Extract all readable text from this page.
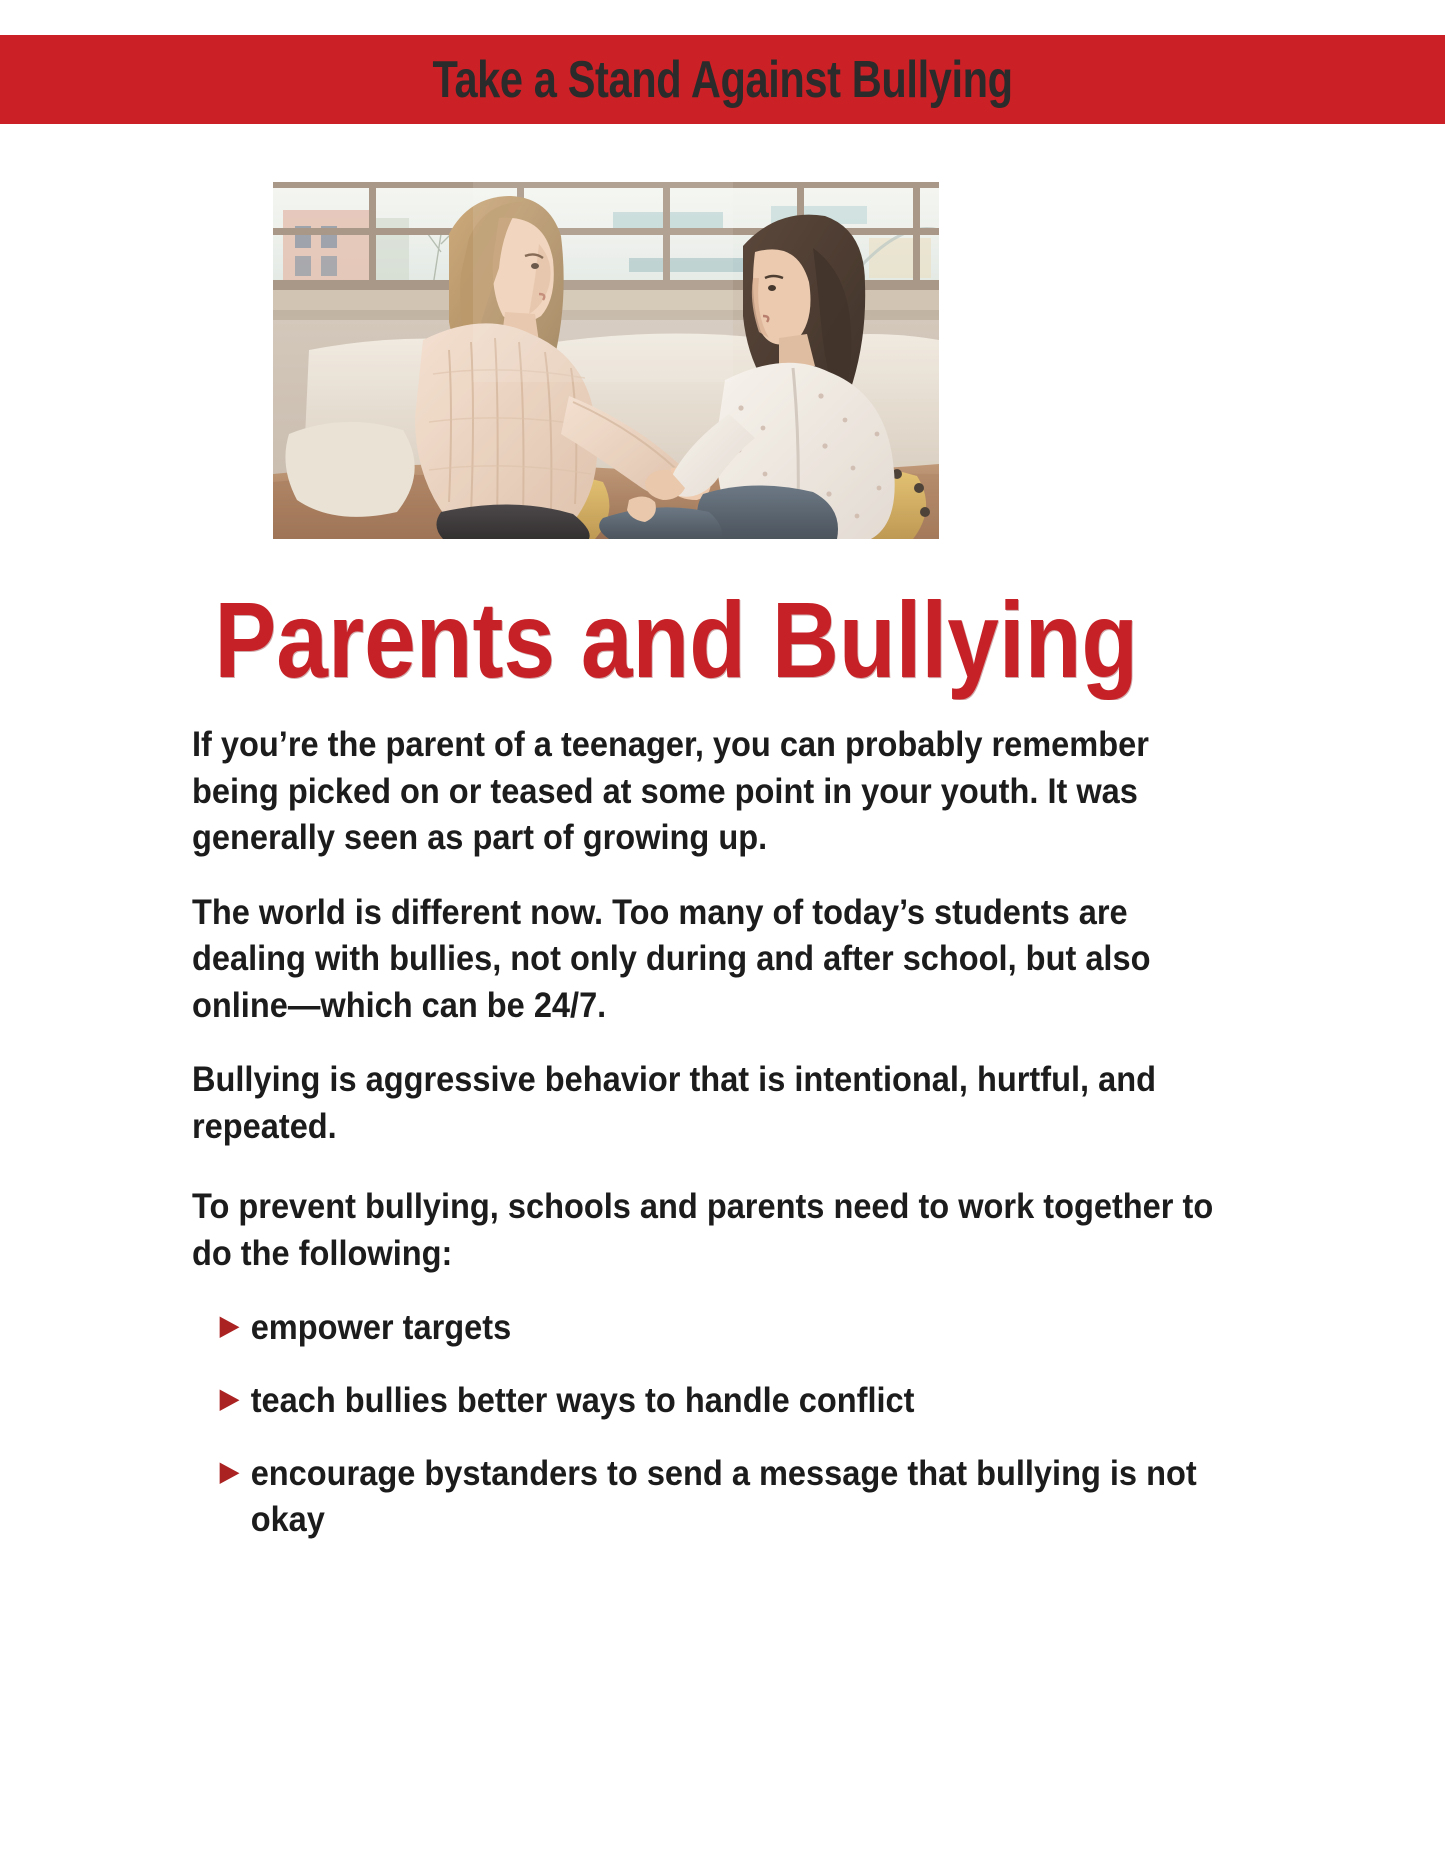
Take a Stand Against Bullying
Parents and Bullying

If you’re the parent of a teenager, you can probably remember being picked on or teased at some point in your youth. It was generally seen as part of growing up.

The world is different now. Too many of today’s students are dealing with bullies, not only during and after school, but also online—which can be 24/7.

Bullying is aggressive behavior that is intentional, hurtful, and repeated.

To prevent bullying, schools and parents need to work together to do the following:

▶ empower targets
▶ teach bullies better ways to handle conflict
▶ encourage bystanders to send a message that bullying is not okay
